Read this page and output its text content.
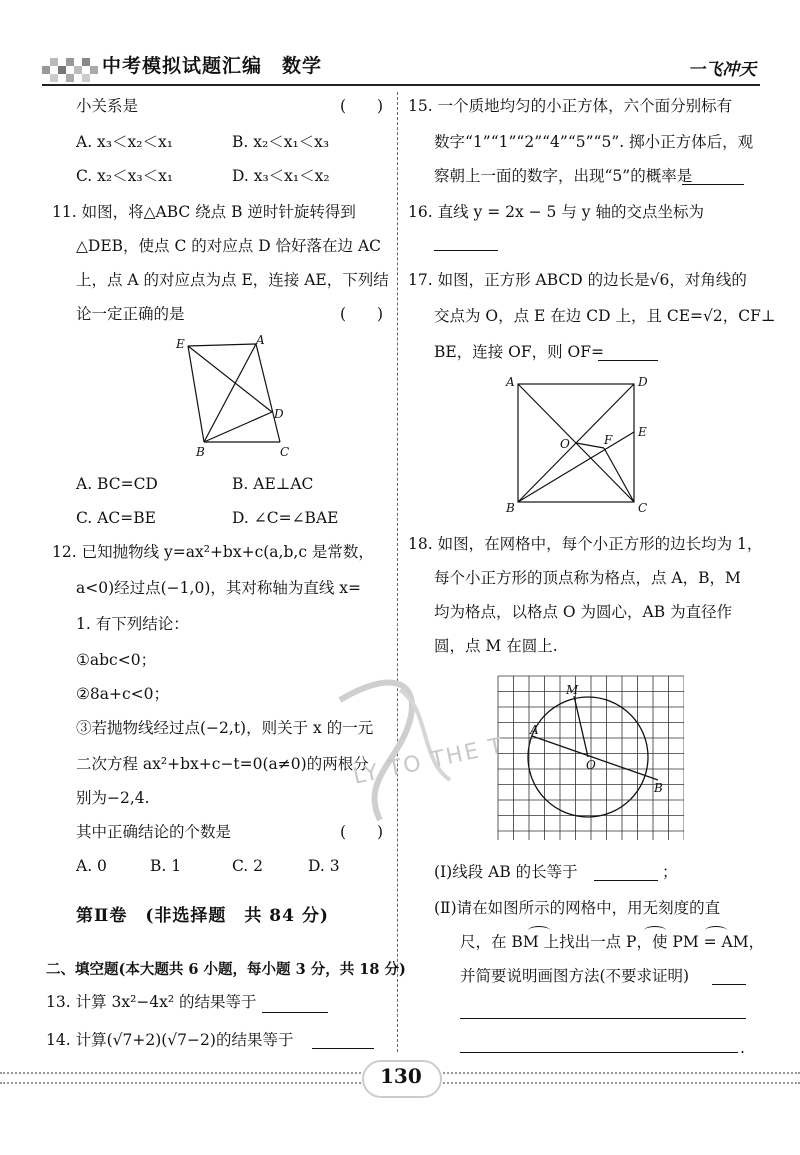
中考模拟试题汇编　数学	一飞冲天
小关系是	(　　)
A. x₃＜x₂＜x₁	B. x₂＜x₁＜x₃
C. x₂＜x₃＜x₁	D. x₃＜x₁＜x₂
11. 如图，将△ABC 绕点 B 逆时针旋转得到
△DEB，使点 C 的对应点 D 恰好落在边 AC
上，点 A 的对应点为点 E，连接 AE，下列结
论一定正确的是	(　　)
E	A
D
B	C
A. BC=CD	B. AE⊥AC
C. AC=BE	D. ∠C=∠BAE
12. 已知抛物线 y=ax²+bx+c(a,b,c 是常数，
a<0)经过点(−1,0)，其对称轴为直线 x=
1. 有下列结论：
①abc<0；
②8a+c<0；
③若抛物线经过点(−2,t)，则关于 x 的一元
二次方程 ax²+bx+c−t=0(a≠0)的两根分
别为−2,4.
其中正确结论的个数是	(　　)
A. 0	B. 1	C. 2	D. 3
第Ⅱ卷　(非选择题　共 84 分)
二、填空题(本大题共 6 小题，每小题 3 分，共 18 分)
13. 计算 3x²−4x² 的结果等于
14. 计算(√7+2)(√7−2)的结果等于
15. 一个质地均匀的小正方体，六个面分别标有
数字“1”“1”“2”“4”“5”“5”. 掷小正方体后，观
察朝上一面的数字，出现“5”的概率是
16. 直线 y = 2x − 5 与 y 轴的交点坐标为
17. 如图，正方形 ABCD 的边长是√6，对角线的
交点为 O，点 E 在边 CD 上，且 CE=√2，CF⊥
BE，连接 OF，则 OF=
A	D
E
F
O
B	C
18. 如图，在网格中，每个小正方形的边长均为 1，
每个小正方形的顶点称为格点，点 A，B，M
均为格点，以格点 O 为圆心，AB 为直径作
圆，点 M 在圆上.
M
A
O
B
(Ⅰ)线段 AB 的长等于	；
(Ⅱ)请在如图所示的网格中，用无刻度的直
尺，在 BM 上找出一点 P，使 PM = AM，
并简要说明画图方法(不要求证明)
.
LY TO THE T
130
